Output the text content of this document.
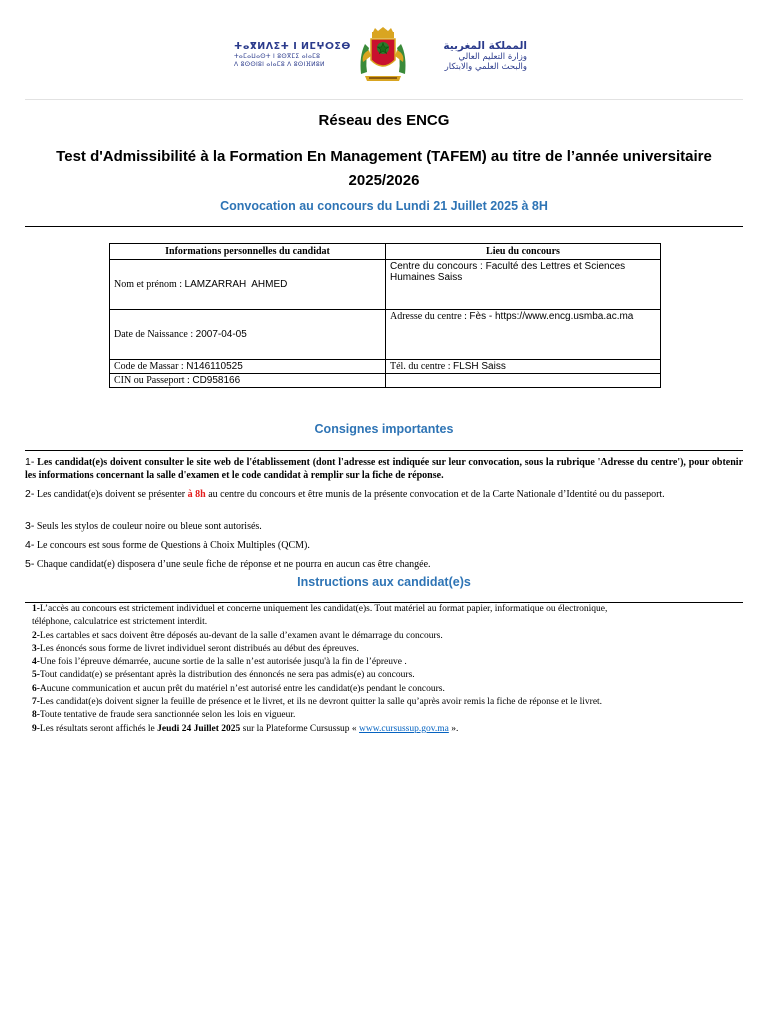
ⵜⴰⴳⵍⴷⵉⵜ ⵏ ⵍⵎⵖⵔⵉⴱ
ⵜⴰⵎⴰⵡⴰⵙⵜ ⵏ ⵓⵙⴳⵎⵉ ⴰⵏⴰⵎⵓ
ⴷ ⵓⵙⵙⵏⵓⵏ ⴰⵏⴰⵎⵓ ⴷ ⵓⵙⵏⴼⵍⵓⵍ
المملكة المغربية
وزارة التعليم العالي
والبحث العلمي والابتكار
Réseau des ENCG
Test d'Admissibilité à la Formation En Management (TAFEM) au titre de l’année universitaire 2025/2026
Convocation au concours du Lundi 21 Juillet 2025 à 8H
Informations personnelles du candidat	Lieu du concours
Nom et prénom : LAMZARRAH  AHMED	Centre du concours : Faculté des Lettres et Sciences Humaines Saiss
Date de Naissance : 2007-04-05	Adresse du centre : Fès - https://www.encg.usmba.ac.ma
Code de Massar : N146110525	Tél. du centre : FLSH Saiss
CIN ou Passeport : CD958166	
Consignes importantes
1- Les candidat(e)s doivent consulter le site web de l'établissement (dont l'adresse est indiquée sur leur convocation, sous la rubrique 'Adresse du centre'), pour obtenir les informations concernant la salle d'examen et le code candidat à remplir sur la fiche de réponse.
2- Les candidat(e)s doivent se présenter à 8h au centre du concours et être munis de la présente convocation et de la Carte Nationale d’Identité ou du passeport.
3- Seuls les stylos de couleur noire ou bleue sont autorisés.
4- Le concours est sous forme de Questions à Choix Multiples (QCM).
5- Chaque candidat(e) disposera d’une seule fiche de réponse et ne pourra en aucun cas être changée.
Instructions aux candidat(e)s
1-L’accès au concours est strictement individuel et concerne uniquement les candidat(e)s. Tout matériel au format papier, informatique ou électronique,
téléphone, calculatrice est strictement interdit.
2-Les cartables et sacs doivent être déposés au-devant de la salle d’examen avant le démarrage du concours.
3-Les énoncés sous forme de livret individuel seront distribués au début des épreuves.
4-Une fois l’épreuve démarrée, aucune sortie de la salle n’est autorisée jusqu'à la fin de l’épreuve .
5-Tout candidat(e) se présentant après la distribution des énnoncés ne sera pas admis(e) au concours.
6-Aucune communication et aucun prêt du matériel n’est autorisé entre les candidat(e)s pendant le concours.
7-Les candidat(e)s doivent signer la feuille de présence et le livret, et ils ne devront quitter la salle qu’après avoir remis la fiche de réponse et le livret.
8-Toute tentative de fraude sera sanctionnée selon les lois en vigueur.
9-Les résultats seront affichés le Jeudi 24 Juillet 2025 sur la Plateforme Cursussup « www.cursussup.gov.ma ».
